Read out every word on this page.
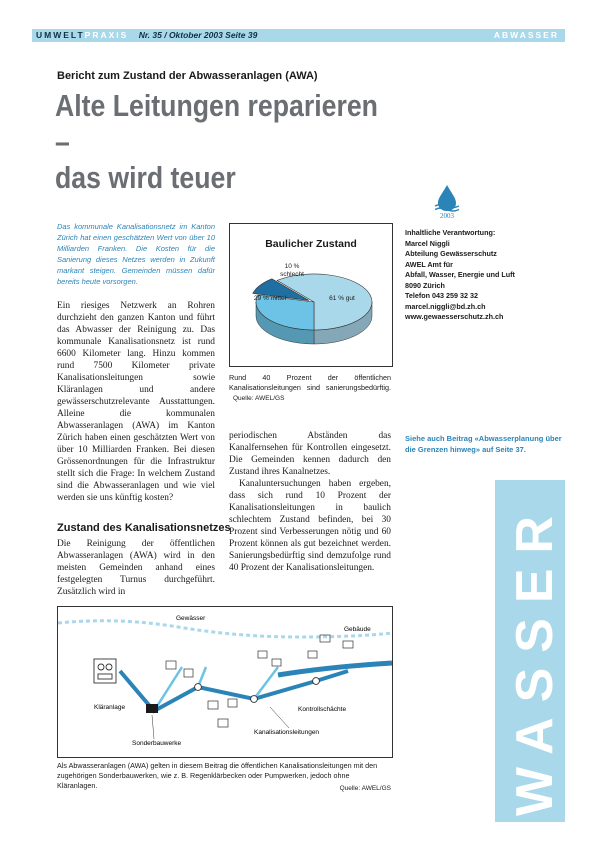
UMWELTPRAXIS Nr. 35 / Oktober 2003 Seite 39	ABWASSER
Bericht zum Zustand der Abwasseranlagen (AWA)
Alte Leitungen reparieren –
das wird teuer
Das kommunale Kanalisationsnetz im Kanton Zürich hat einen geschätzten Wert von über 10 Milliarden Franken. Die Kosten für die Sanierung dieses Netzes werden in Zukunft markant steigen. Gemeinden müssen dafür bereits heute vorsorgen.
Ein riesiges Netzwerk an Rohren durchzieht den ganzen Kanton und führt das Abwasser der Reinigung zu. Das kommunale Kanalisationsnetz ist rund 6600 Kilometer lang. Hinzu kommen rund 7500 Kilometer private Kanalisationsleitungen sowie Kläranlagen und andere gewässerschutzrelevante Ausstattungen. Alleine die kommunalen Abwasseranlagen (AWA) im Kanton Zürich haben einen geschätzten Wert von über 10 Milliarden Franken. Bei diesen Grössenordnungen für die Infrastruktur stellt sich die Frage: In welchem Zustand sind die Abwasseranlagen und wie viel werden sie uns künftig kosten?
Zustand des Kanalisationsnetzes
Die Reinigung der öffentlichen Abwasseranlagen (AWA) wird in den meisten Gemeinden anhand eines festgelegten Turnus durchgeführt. Zusätzlich wird in
Baulicher Zustand
61 % gut
29 % mittel
10 %
schlecht
Rund 40 Prozent der öffentlichen Kanalisationsleitungen sind sanierungsbedürftig. Quelle: AWEL/GS

periodischen Abständen das Kanalfernsehen für Kontrollen eingesetzt. Die Gemeinden kennen dadurch den Zustand ihres Kanalnetzes.

Kanaluntersuchungen haben ergeben, dass sich rund 10 Prozent der Kanalisationsleitungen in baulich schlechtem Zustand befinden, bei 30 Prozent sind Verbesserungen nötig und 60 Prozent können als gut bezeichnet werden. Sanierungsbedürftig sind demzufolge rund 40 Prozent der Kanalisationsleitungen.

2003
Inhaltliche Verantwortung:
Marcel Niggli
Abteilung Gewässerschutz
AWEL Amt für
Abfall, Wasser, Energie und Luft
8090 Zürich
Telefon 043 259 32 32
marcel.niggli@bd.zh.ch
www.gewaesserschutz.zh.ch
Siehe auch Beitrag «Abwasserplanung über die Grenzen hinweg» auf Seite 37.
WASSER
Gewässer
Gebäude
Kläranlage	Kontrollschächte
Kanalisationsleitungen
Sonderbauwerke
Als Abwasseranlagen (AWA) gelten in diesem Beitrag die öffentlichen Kanalisationsleitungen mit den zugehörigen Sonderbauwerken, wie z. B. Regenklärbecken oder Pumpwerken, jedoch ohne Kläranlagen.	Quelle: AWEL/GS
